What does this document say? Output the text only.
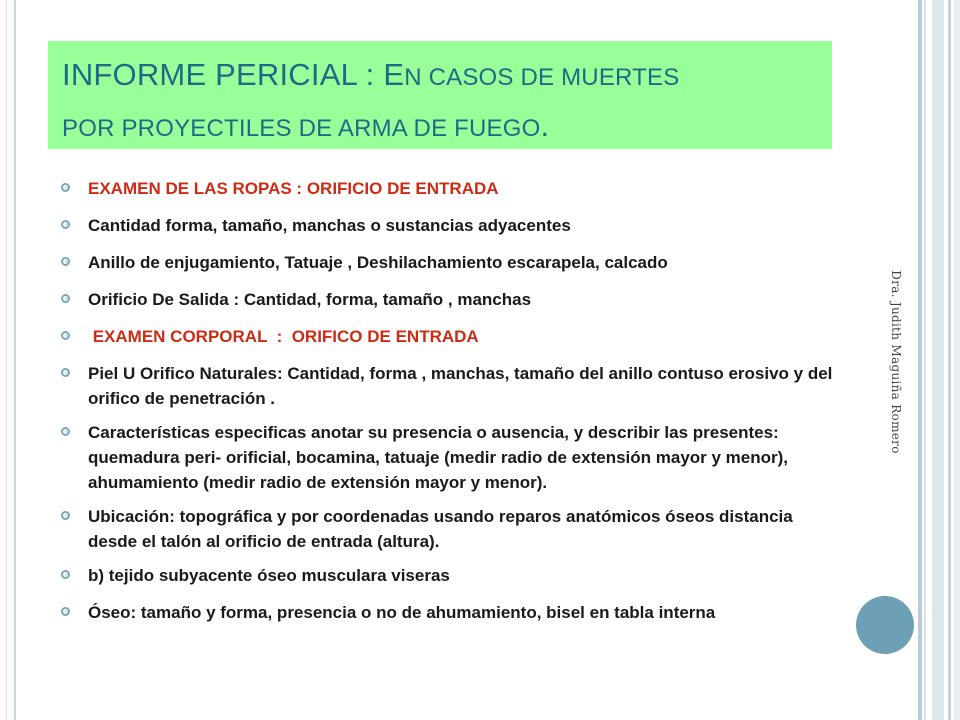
INFORME PERICIAL : EN CASOS DE MUERTES
POR PROYECTILES DE ARMA DE FUEGO.
EXAMEN DE LAS ROPAS : ORIFICIO DE ENTRADA
Cantidad forma, tamaño, manchas o sustancias adyacentes
Anillo de enjugamiento, Tatuaje , Deshilachamiento escarapela, calcado
Orificio De Salida : Cantidad, forma, tamaño , manchas
EXAMEN CORPORAL  :  ORIFICO DE ENTRADA
Piel U Orifico Naturales: Cantidad, forma , manchas, tamaño del anillo contuso erosivo y del orifico de penetración .
Características especificas anotar su presencia o ausencia, y describir las presentes: quemadura peri- orificial, bocamina, tatuaje (medir radio de extensión mayor y menor), ahumamiento (medir radio de extensión mayor y menor).
Ubicación: topográfica y por coordenadas usando reparos anatómicos óseos distancia desde el talón al orificio de entrada (altura).
b) tejido subyacente óseo musculara viseras
Óseo: tamaño y forma, presencia o no de ahumamiento, bisel en tabla interna
Dra. Judith Maguiña Romero
